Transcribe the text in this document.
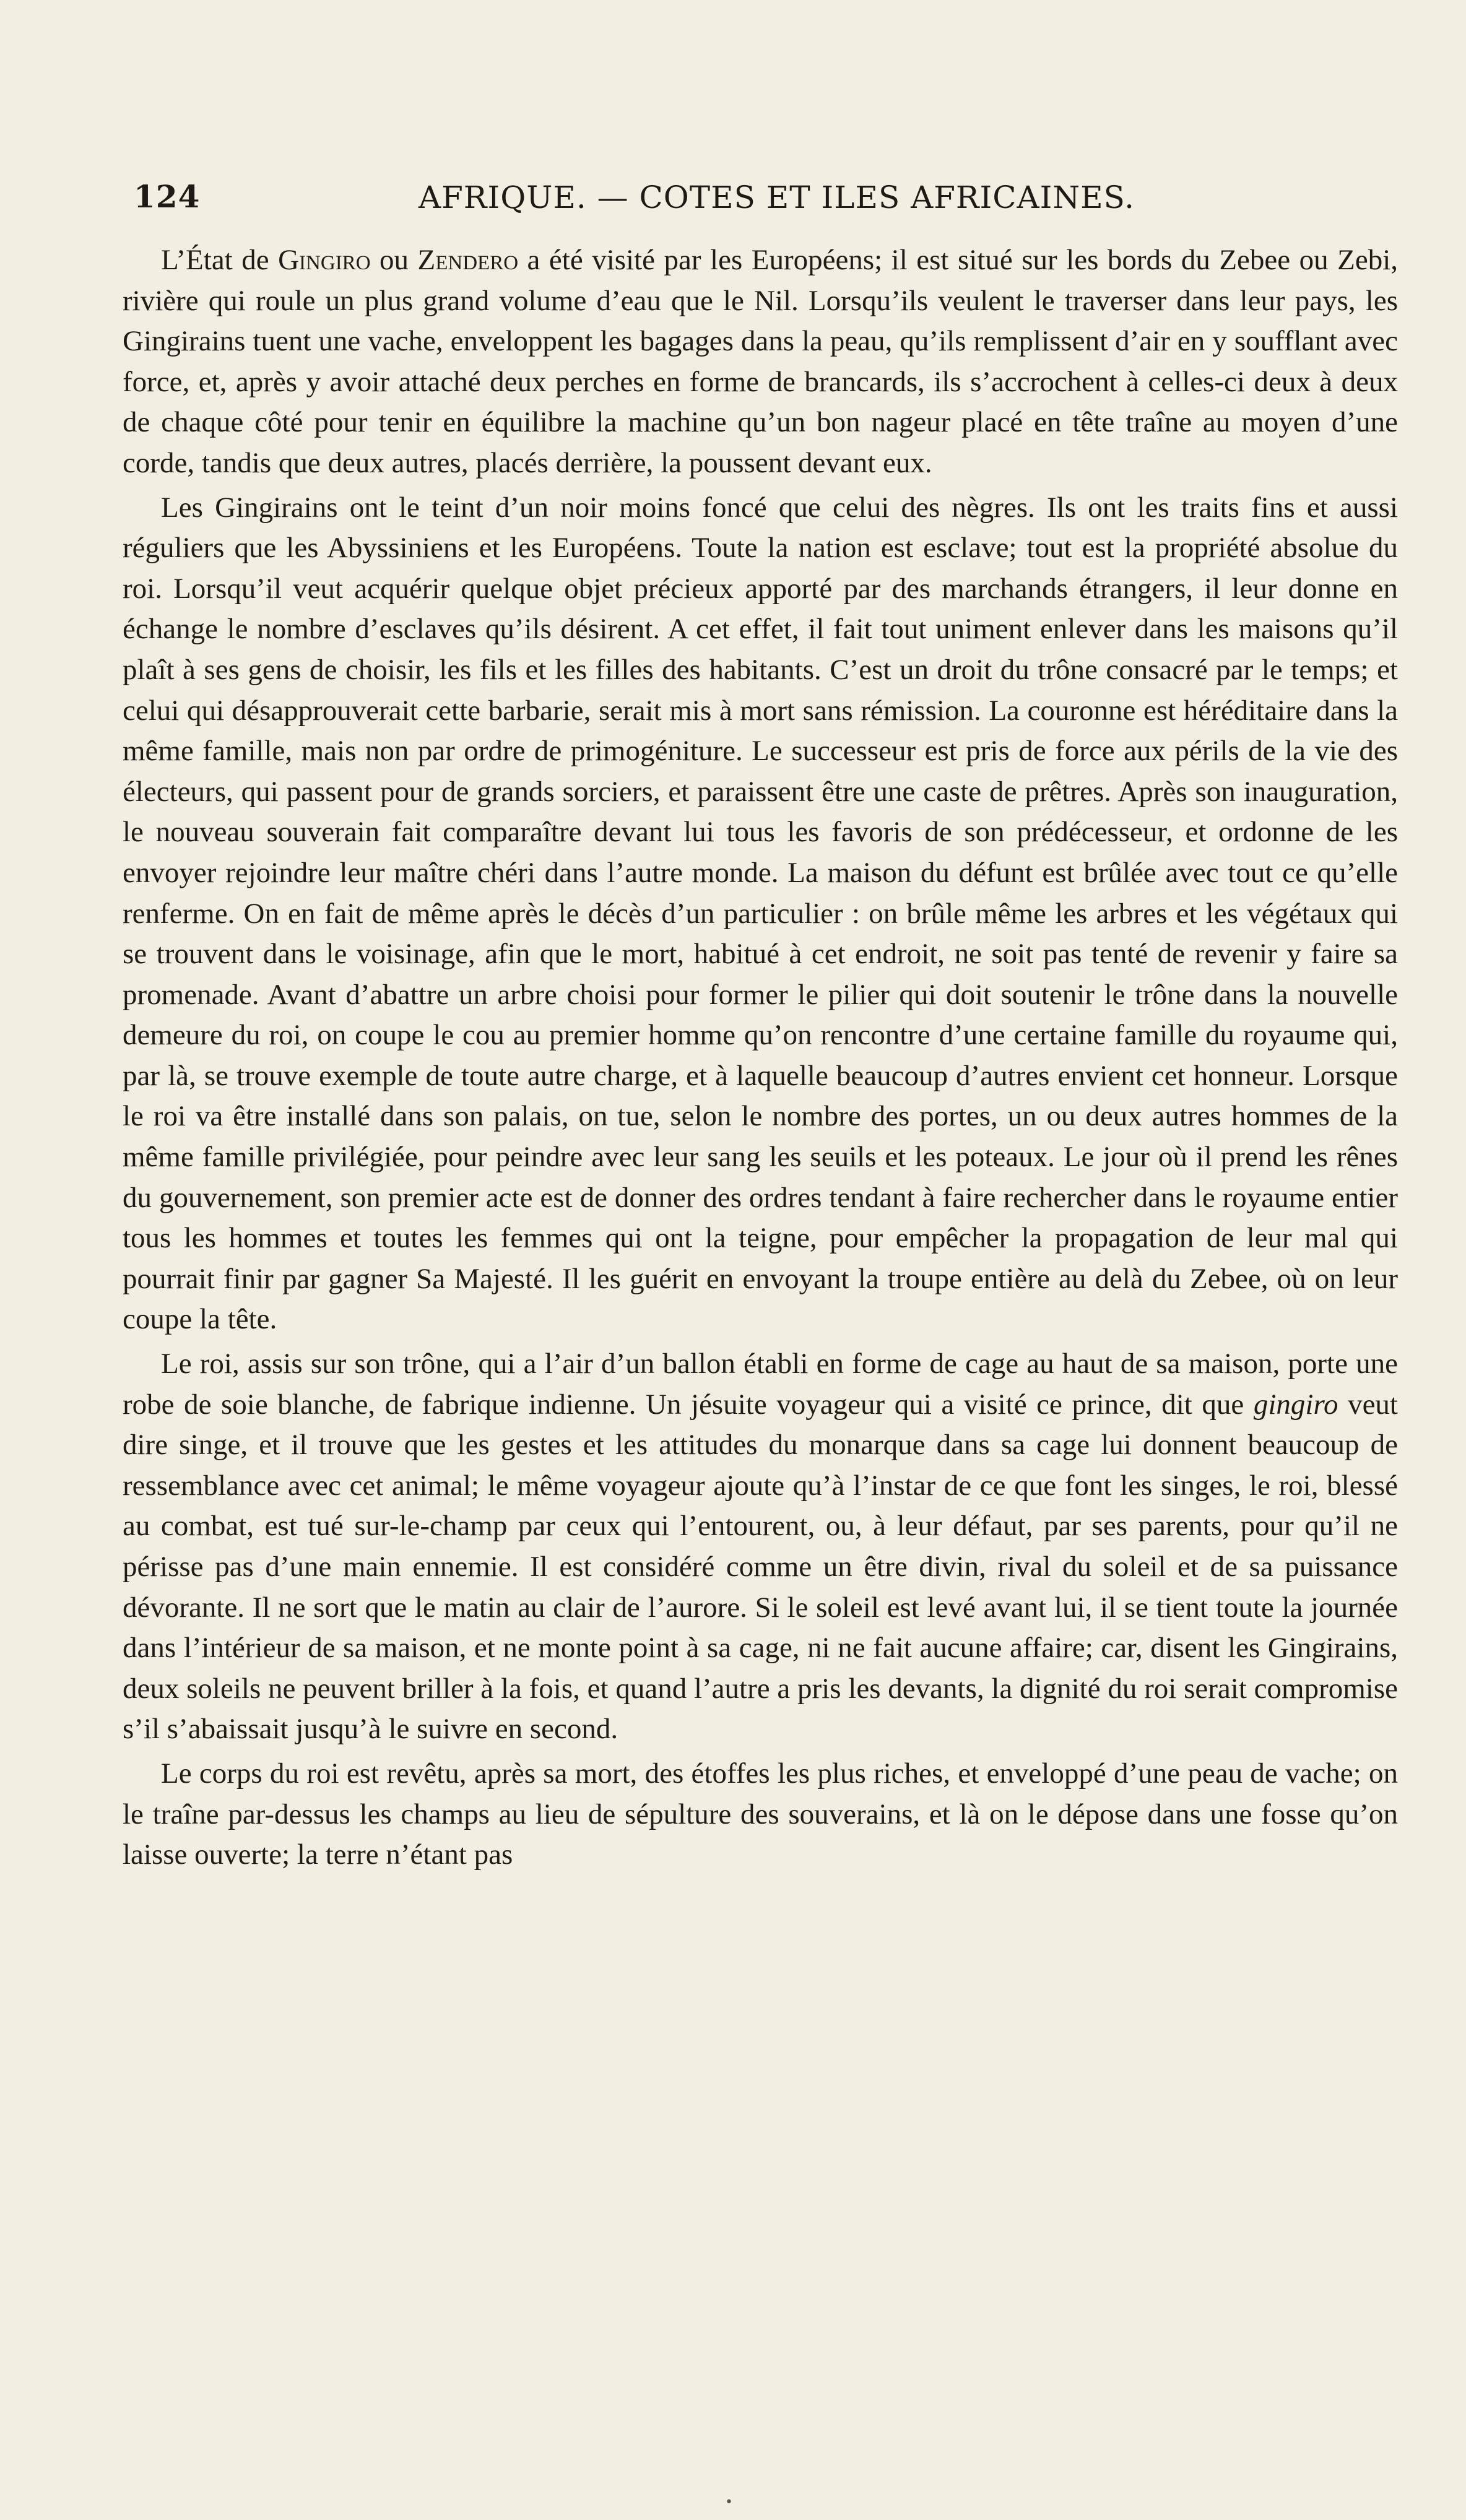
124	AFRIQUE. — COTES ET ILES AFRICAINES.

L’État de Gingiro ou Zendero a été visité par les Européens; il est situé sur les bords du Zebee ou Zebi, rivière qui roule un plus grand volume d’eau que le Nil. Lorsqu’ils veulent le traverser dans leur pays, les Gingirains tuent une vache, enveloppent les bagages dans la peau, qu’ils remplissent d’air en y soufflant avec force, et, après y avoir attaché deux perches en forme de brancards, ils s’accrochent à celles-ci deux à deux de chaque côté pour tenir en équilibre la machine qu’un bon nageur placé en tête traîne au moyen d’une corde, tandis que deux autres, placés derrière, la poussent devant eux.

Les Gingirains ont le teint d’un noir moins foncé que celui des nègres. Ils ont les traits fins et aussi réguliers que les Abyssiniens et les Européens. Toute la nation est esclave; tout est la propriété absolue du roi. Lorsqu’il veut acquérir quelque objet précieux apporté par des marchands étrangers, il leur donne en échange le nombre d’esclaves qu’ils désirent. A cet effet, il fait tout uniment enlever dans les maisons qu’il plaît à ses gens de choisir, les fils et les filles des habitants. C’est un droit du trône consacré par le temps; et celui qui désapprouverait cette barbarie, serait mis à mort sans rémission. La couronne est héréditaire dans la même famille, mais non par ordre de primogéniture. Le successeur est pris de force aux périls de la vie des électeurs, qui passent pour de grands sorciers, et paraissent être une caste de prêtres. Après son inauguration, le nouveau souverain fait comparaître devant lui tous les favoris de son prédécesseur, et ordonne de les envoyer rejoindre leur maître chéri dans l’autre monde. La maison du défunt est brûlée avec tout ce qu’elle renferme. On en fait de même après le décès d’un particulier : on brûle même les arbres et les végétaux qui se trouvent dans le voisinage, afin que le mort, habitué à cet endroit, ne soit pas tenté de revenir y faire sa promenade. Avant d’abattre un arbre choisi pour former le pilier qui doit soutenir le trône dans la nouvelle demeure du roi, on coupe le cou au premier homme qu’on rencontre d’une certaine famille du royaume qui, par là, se trouve exemple de toute autre charge, et à laquelle beaucoup d’autres envient cet honneur. Lorsque le roi va être installé dans son palais, on tue, selon le nombre des portes, un ou deux autres hommes de la même famille privilégiée, pour peindre avec leur sang les seuils et les poteaux. Le jour où il prend les rênes du gouvernement, son premier acte est de donner des ordres tendant à faire rechercher dans le royaume entier tous les hommes et toutes les femmes qui ont la teigne, pour empêcher la propagation de leur mal qui pourrait finir par gagner Sa Majesté. Il les guérit en envoyant la troupe entière au delà du Zebee, où on leur coupe la tête.

Le roi, assis sur son trône, qui a l’air d’un ballon établi en forme de cage au haut de sa maison, porte une robe de soie blanche, de fabrique indienne. Un jésuite voyageur qui a visité ce prince, dit que gingiro veut dire singe, et il trouve que les gestes et les attitudes du monarque dans sa cage lui donnent beaucoup de ressemblance avec cet animal; le même voyageur ajoute qu’à l’instar de ce que font les singes, le roi, blessé au combat, est tué sur-le-champ par ceux qui l’entourent, ou, à leur défaut, par ses parents, pour qu’il ne périsse pas d’une main ennemie. Il est considéré comme un être divin, rival du soleil et de sa puissance dévorante. Il ne sort que le matin au clair de l’aurore. Si le soleil est levé avant lui, il se tient toute la journée dans l’intérieur de sa maison, et ne monte point à sa cage, ni ne fait aucune affaire; car, disent les Gingirains, deux soleils ne peuvent briller à la fois, et quand l’autre a pris les devants, la dignité du roi serait compromise s’il s’abaissait jusqu’à le suivre en second.

Le corps du roi est revêtu, après sa mort, des étoffes les plus riches, et enveloppé d’une peau de vache; on le traîne par-dessus les champs au lieu de sépulture des souverains, et là on le dépose dans une fosse qu’on laisse ouverte; la terre n’étant pas

•
